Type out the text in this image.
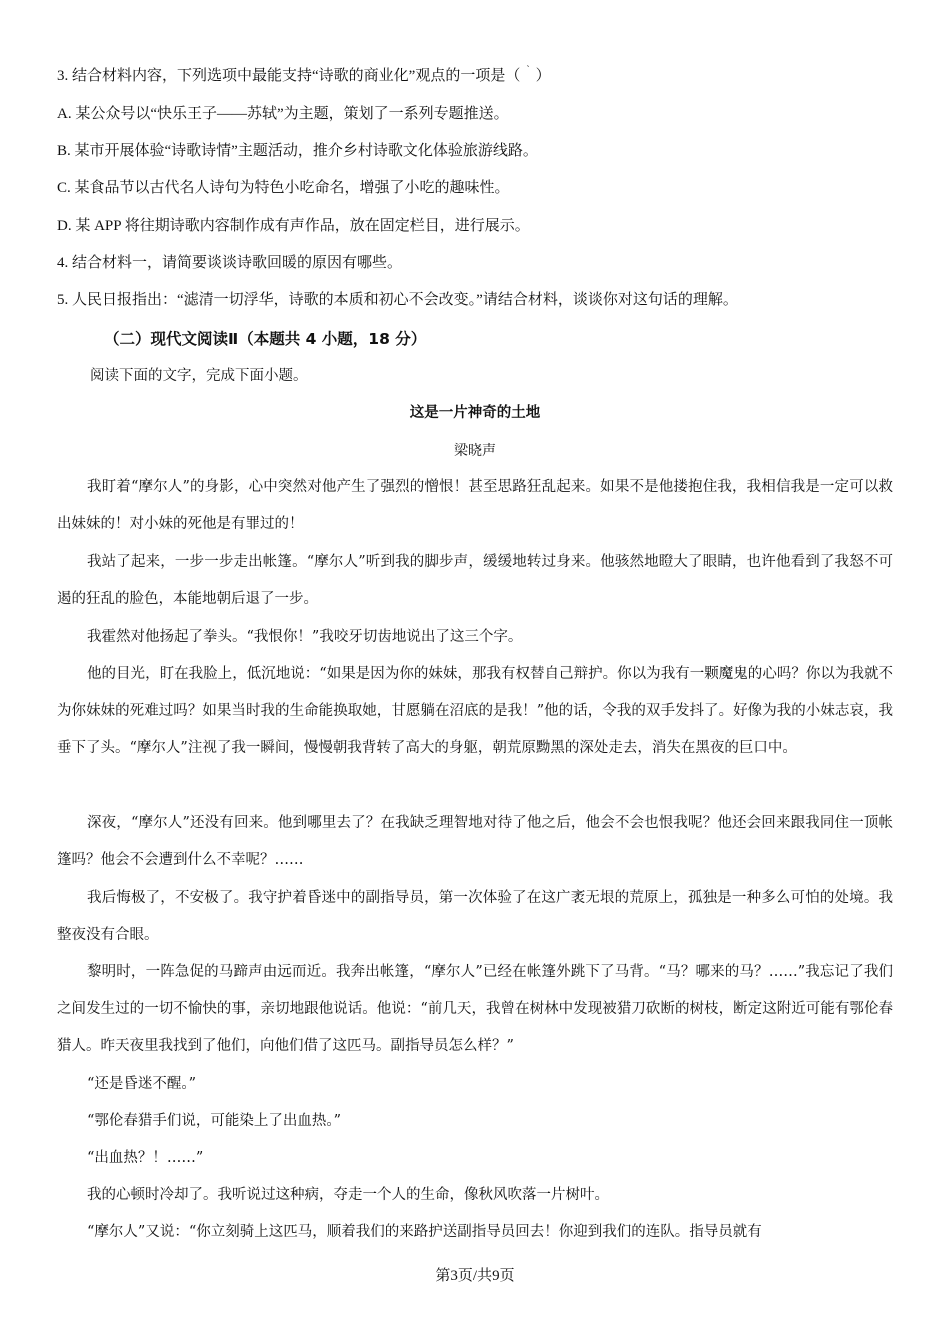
3. 结合材料内容，下列选项中最能支持“诗歌的商业化”观点的一项是（ $^ˋ$ ）
A. 某公众号以“快乐王子——苏轼”为主题，策划了一系列专题推送。
B. 某市开展体验“诗歌诗情”主题活动，推介乡村诗歌文化体验旅游线路。
C. 某食品节以古代名人诗句为特色小吃命名，增强了小吃的趣味性。
D. 某 APP 将往期诗歌内容制作成有声作品，放在固定栏目，进行展示。
4. 结合材料一，请简要谈谈诗歌回暖的原因有哪些。
5. 人民日报指出：“滤清一切浮华，诗歌的本质和初心不会改变。”请结合材料，谈谈你对这句话的理解。
（二）现代文阅读Ⅱ（本题共 4 小题，18 分）
阅读下面的文字，完成下面小题。
这是一片神奇的土地
梁晓声

我盯着“摩尔人”的身影，心中突然对他产生了强烈的憎恨！甚至思路狂乱起来。如果不是他搂抱住我，我相信我是一定可以救出妹妹的！对小妹的死他是有罪过的！

我站了起来，一步一步走出帐篷。“摩尔人”听到我的脚步声，缓缓地转过身来。他骇然地瞪大了眼睛，也许他看到了我怒不可遏的狂乱的脸色，本能地朝后退了一步。

我霍然对他扬起了拳头。“我恨你！”我咬牙切齿地说出了这三个字。

他的目光，盯在我脸上，低沉地说：“如果是因为你的妹妹，那我有权替自己辩护。你以为我有一颗魔鬼的心吗？你以为我就不为你妹妹的死难过吗？如果当时我的生命能换取她，甘愿躺在沼底的是我！”他的话，令我的双手发抖了。好像为我的小妹志哀，我垂下了头。“摩尔人”注视了我一瞬间，慢慢朝我背转了高大的身躯，朝荒原黝黑的深处走去，消失在黑夜的巨口中。

深夜，“摩尔人”还没有回来。他到哪里去了？在我缺乏理智地对待了他之后，他会不会也恨我呢？他还会回来跟我同住一顶帐篷吗？他会不会遭到什么不幸呢？……

我后悔极了，不安极了。我守护着昏迷中的副指导员，第一次体验了在这广袤无垠的荒原上，孤独是一种多么可怕的处境。我整夜没有合眼。

黎明时，一阵急促的马蹄声由远而近。我奔出帐篷，“摩尔人”已经在帐篷外跳下了马背。“马？哪来的马？……”我忘记了我们之间发生过的一切不愉快的事，亲切地跟他说话。他说：“前几天，我曾在树林中发现被猎刀砍断的树枝，断定这附近可能有鄂伦春猎人。昨天夜里我找到了他们，向他们借了这匹马。副指导员怎么样？”

“还是昏迷不醒。”

“鄂伦春猎手们说，可能染上了出血热。”

“出血热？！……”

我的心顿时冷却了。我听说过这种病，夺走一个人的生命，像秋风吹落一片树叶。

“摩尔人”又说：“你立刻骑上这匹马，顺着我们的来路护送副指导员回去！你迎到我们的连队。指导员就有

第3页/共9页
